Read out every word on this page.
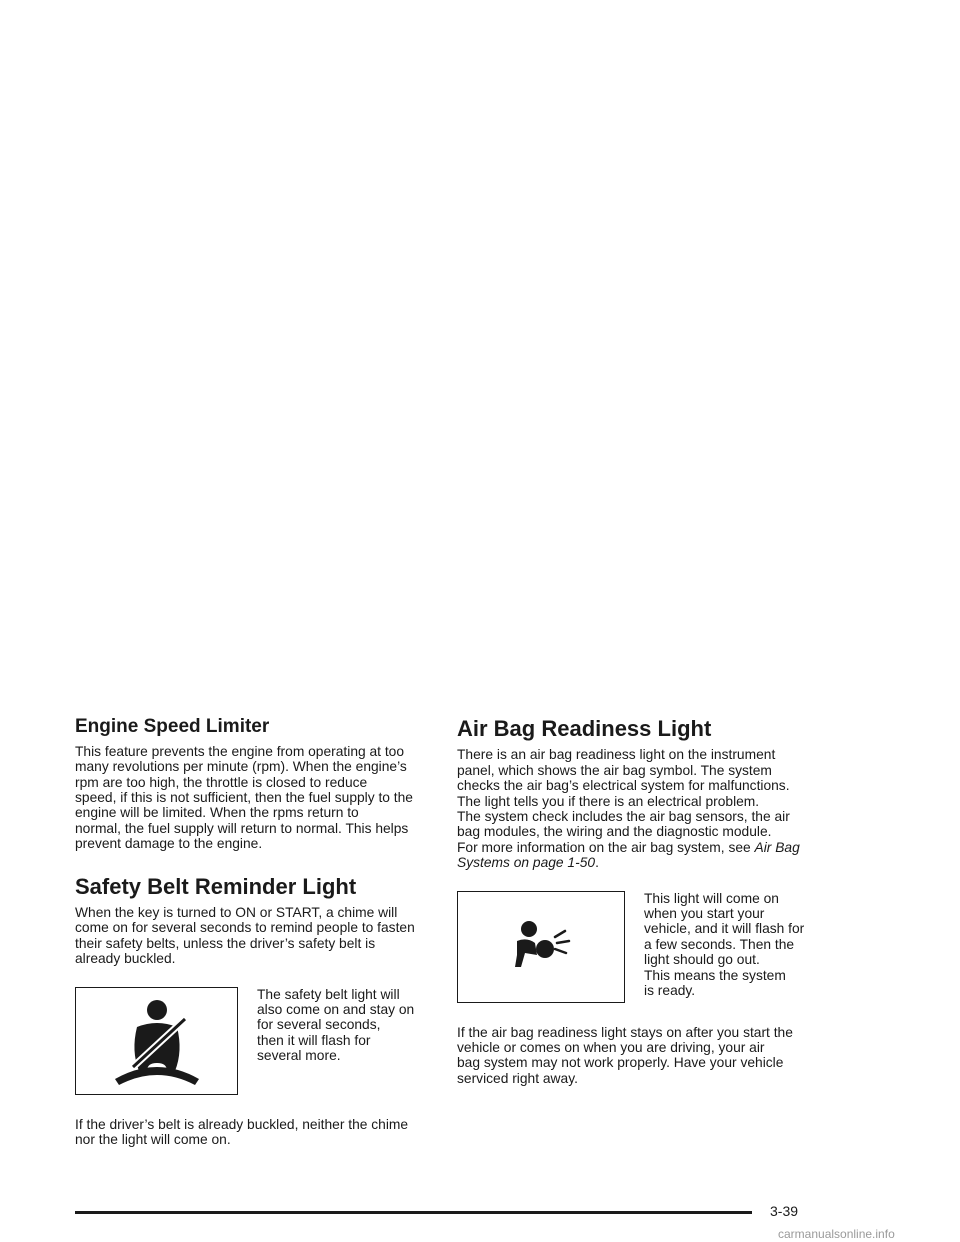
Engine Speed Limiter

This feature prevents the engine from operating at too
many revolutions per minute (rpm). When the engine’s
rpm are too high, the throttle is closed to reduce
speed, if this is not sufficient, then the fuel supply to the
engine will be limited. When the rpms return to
normal, the fuel supply will return to normal. This helps
prevent damage to the engine.

Safety Belt Reminder Light

When the key is turned to ON or START, a chime will
come on for several seconds to remind people to fasten
their safety belts, unless the driver’s safety belt is
already buckled.

The safety belt light will
also come on and stay on
for several seconds,
then it will flash for
several more.

If the driver’s belt is already buckled, neither the chime
nor the light will come on.

Air Bag Readiness Light

There is an air bag readiness light on the instrument
panel, which shows the air bag symbol. The system
checks the air bag’s electrical system for malfunctions.
The light tells you if there is an electrical problem.
The system check includes the air bag sensors, the air
bag modules, the wiring and the diagnostic module.
For more information on the air bag system, see Air Bag
Systems on page 1-50.

This light will come on
when you start your
vehicle, and it will flash for
a few seconds. Then the
light should go out.
This means the system
is ready.

If the air bag readiness light stays on after you start the
vehicle or comes on when you are driving, your air
bag system may not work properly. Have your vehicle
serviced right away.

3-39
carmanualsonline.info
